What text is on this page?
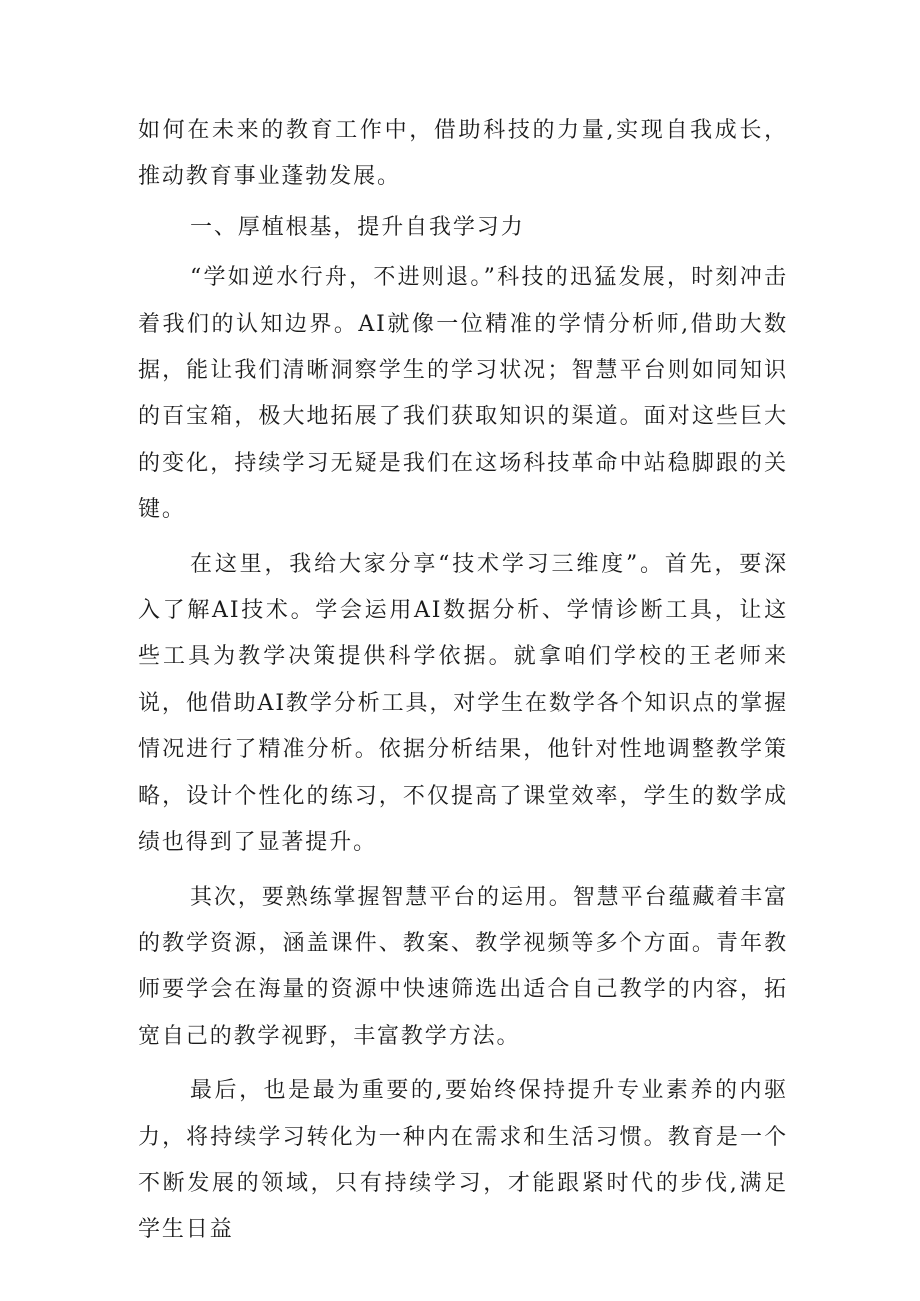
如何在未来的教育工作中，借助科技的力量,实现自我成长，推动教育事业蓬勃发展。

一、厚植根基，提升自我学习力

“学如逆水行舟，不进则退。”科技的迅猛发展，时刻冲击着我们的认知边界。AI就像一位精准的学情分析师,借助大数据，能让我们清晰洞察学生的学习状况；智慧平台则如同知识的百宝箱，极大地拓展了我们获取知识的渠道。面对这些巨大的变化，持续学习无疑是我们在这场科技革命中站稳脚跟的关键。

在这里，我给大家分享“技术学习三维度”。首先，要深入了解AI技术。学会运用AI数据分析、学情诊断工具，让这些工具为教学决策提供科学依据。就拿咱们学校的王老师来说，他借助AI教学分析工具，对学生在数学各个知识点的掌握情况进行了精准分析。依据分析结果，他针对性地调整教学策略，设计个性化的练习，不仅提高了课堂效率，学生的数学成绩也得到了显著提升。

其次，要熟练掌握智慧平台的运用。智慧平台蕴藏着丰富的教学资源，涵盖课件、教案、教学视频等多个方面。青年教师要学会在海量的资源中快速筛选出适合自己教学的内容，拓宽自己的教学视野，丰富教学方法。

最后，也是最为重要的,要始终保持提升专业素养的内驱力，将持续学习转化为一种内在需求和生活习惯。教育是一个不断发展的领域，只有持续学习，才能跟紧时代的步伐,满足学生日益
